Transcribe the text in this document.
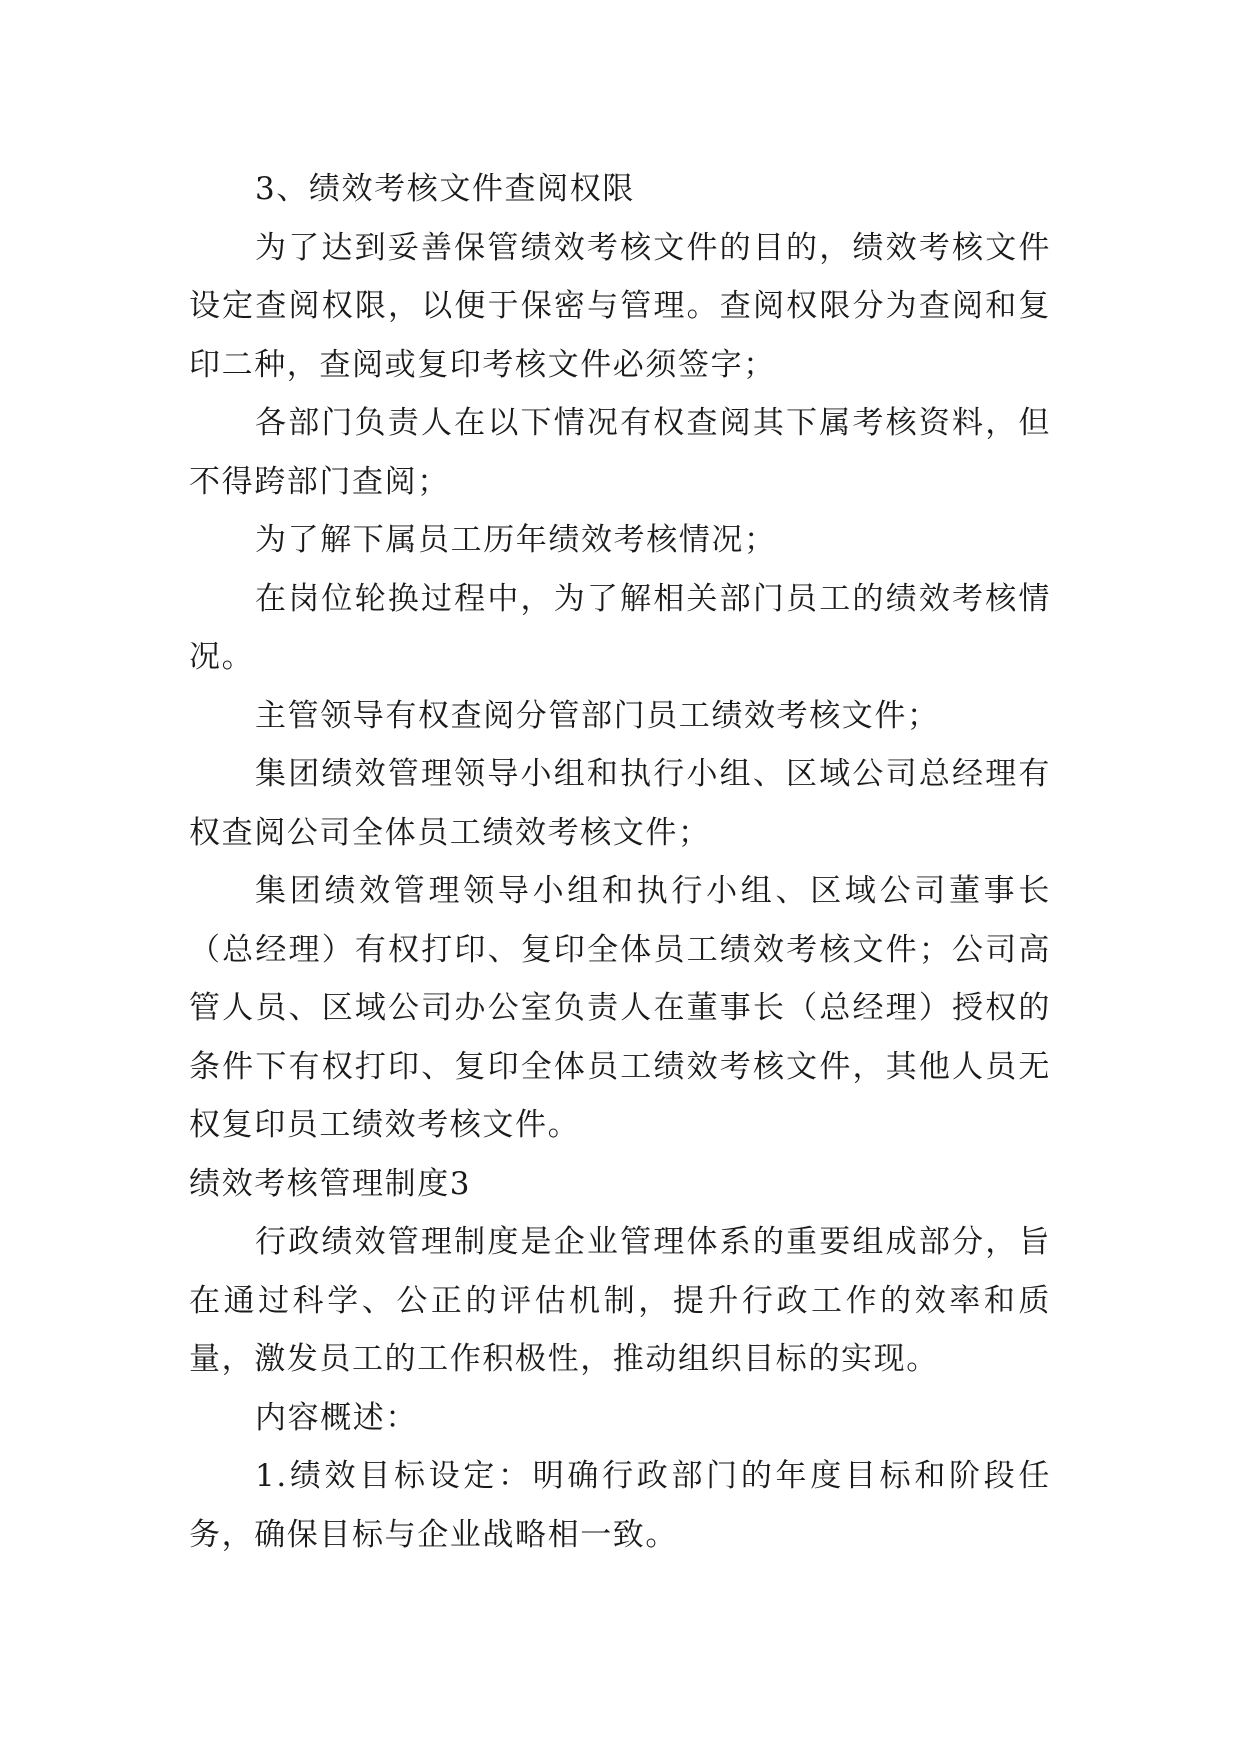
3、绩效考核文件查阅权限

为了达到妥善保管绩效考核文件的目的，绩效考核文件设定查阅权限，以便于保密与管理。查阅权限分为查阅和复印二种，查阅或复印考核文件必须签字；

各部门负责人在以下情况有权查阅其下属考核资料，但不得跨部门查阅；

为了解下属员工历年绩效考核情况；

在岗位轮换过程中，为了解相关部门员工的绩效考核情况。

主管领导有权查阅分管部门员工绩效考核文件；

集团绩效管理领导小组和执行小组、区域公司总经理有权查阅公司全体员工绩效考核文件；

集团绩效管理领导小组和执行小组、区域公司董事长（总经理）有权打印、复印全体员工绩效考核文件；公司高管人员、区域公司办公室负责人在董事长（总经理）授权的条件下有权打印、复印全体员工绩效考核文件，其他人员无权复印员工绩效考核文件。

绩效考核管理制度3

行政绩效管理制度是企业管理体系的重要组成部分，旨在通过科学、公正的评估机制，提升行政工作的效率和质量，激发员工的工作积极性，推动组织目标的实现。

内容概述：

1.绩效目标设定：明确行政部门的年度目标和阶段任务，确保目标与企业战略相一致。
